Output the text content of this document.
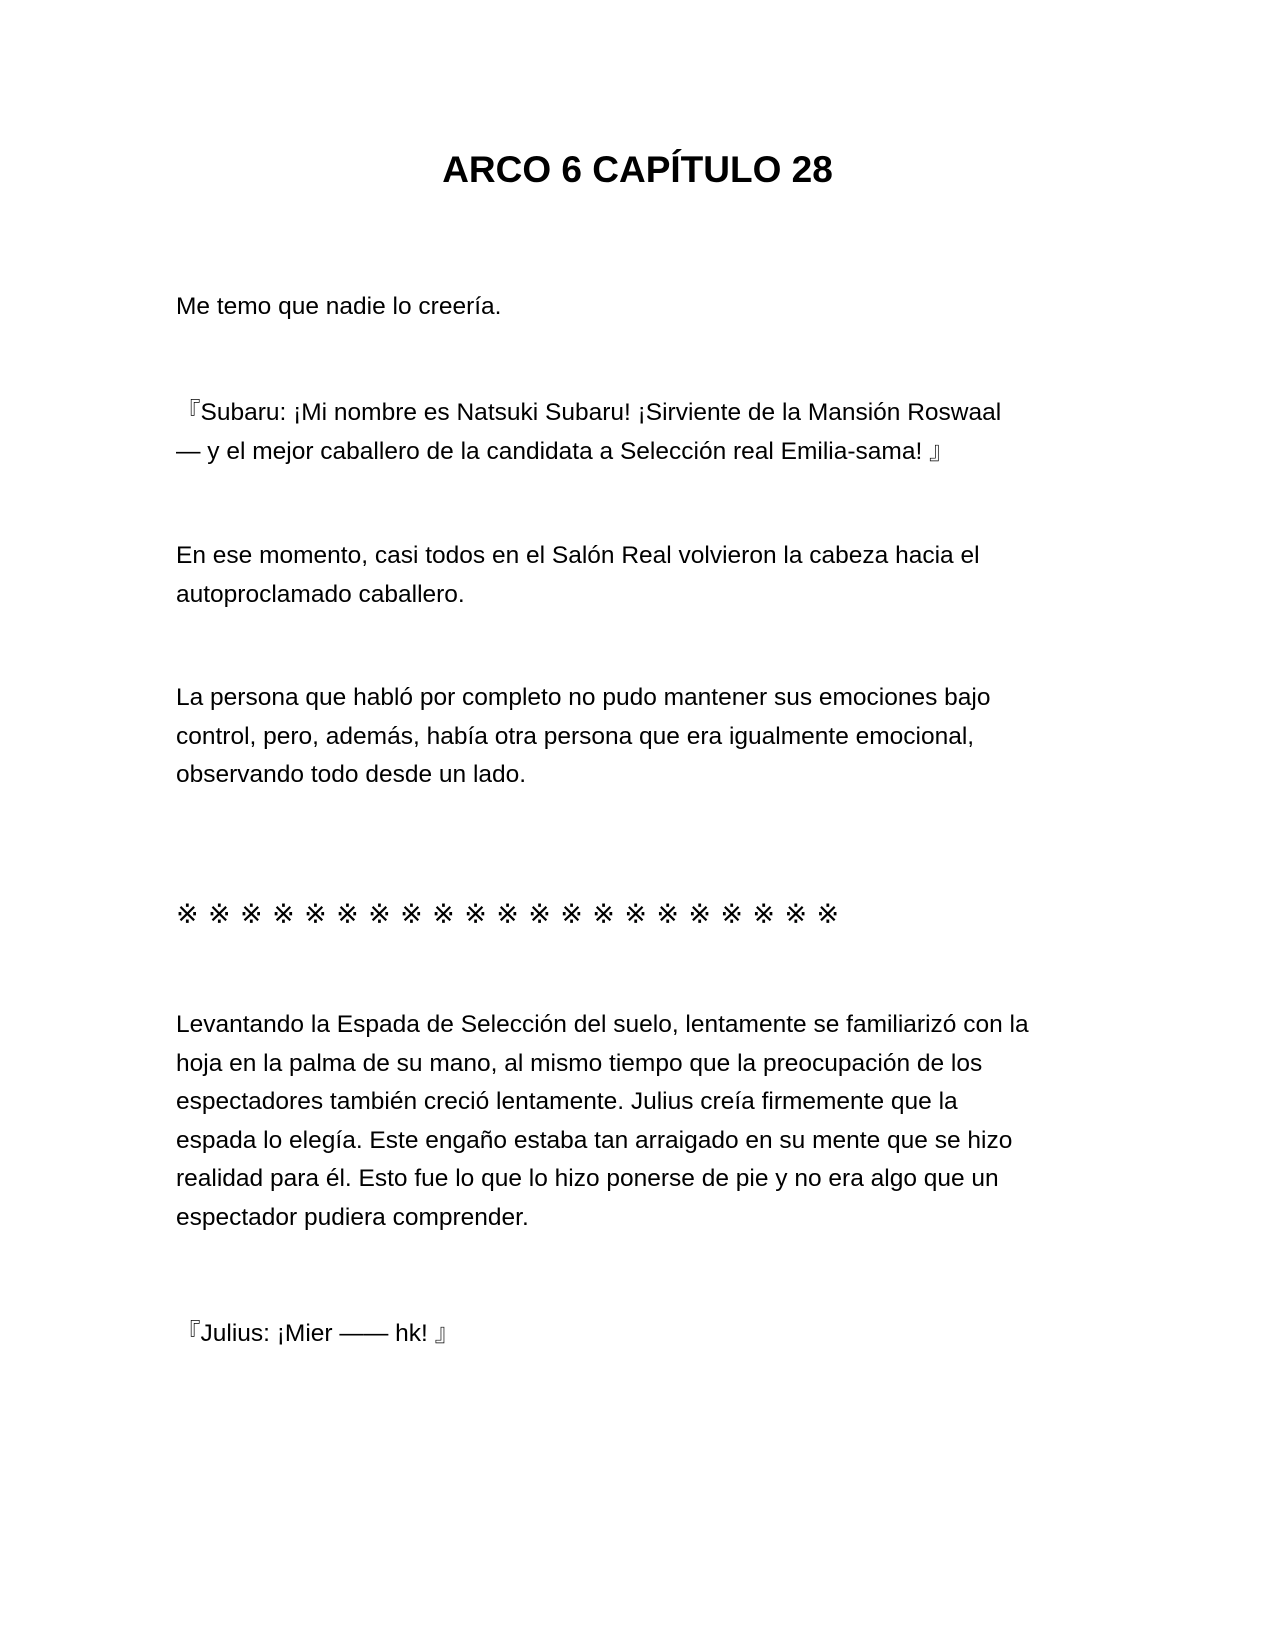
ARCO 6 CAPÍTULO 28

Me temo que nadie lo creería.

『Subaru: ¡Mi nombre es Natsuki Subaru! ¡Sirviente de la Mansión Roswaal
— y el mejor caballero de la candidata a Selección real Emilia-sama! 』

En ese momento, casi todos en el Salón Real volvieron la cabeza hacia el
autoproclamado caballero.

La persona que habló por completo no pudo mantener sus emociones bajo
control, pero, además, había otra persona que era igualmente emocional,
observando todo desde un lado.

※※※※※※※※※※※※※※※※※※※※※

Levantando la Espada de Selección del suelo, lentamente se familiarizó con la
hoja en la palma de su mano, al mismo tiempo que la preocupación de los
espectadores también creció lentamente. Julius creía firmemente que la
espada lo elegía. Este engaño estaba tan arraigado en su mente que se hizo
realidad para él. Esto fue lo que lo hizo ponerse de pie y no era algo que un
espectador pudiera comprender.

『Julius: ¡Mier —— hk! 』
